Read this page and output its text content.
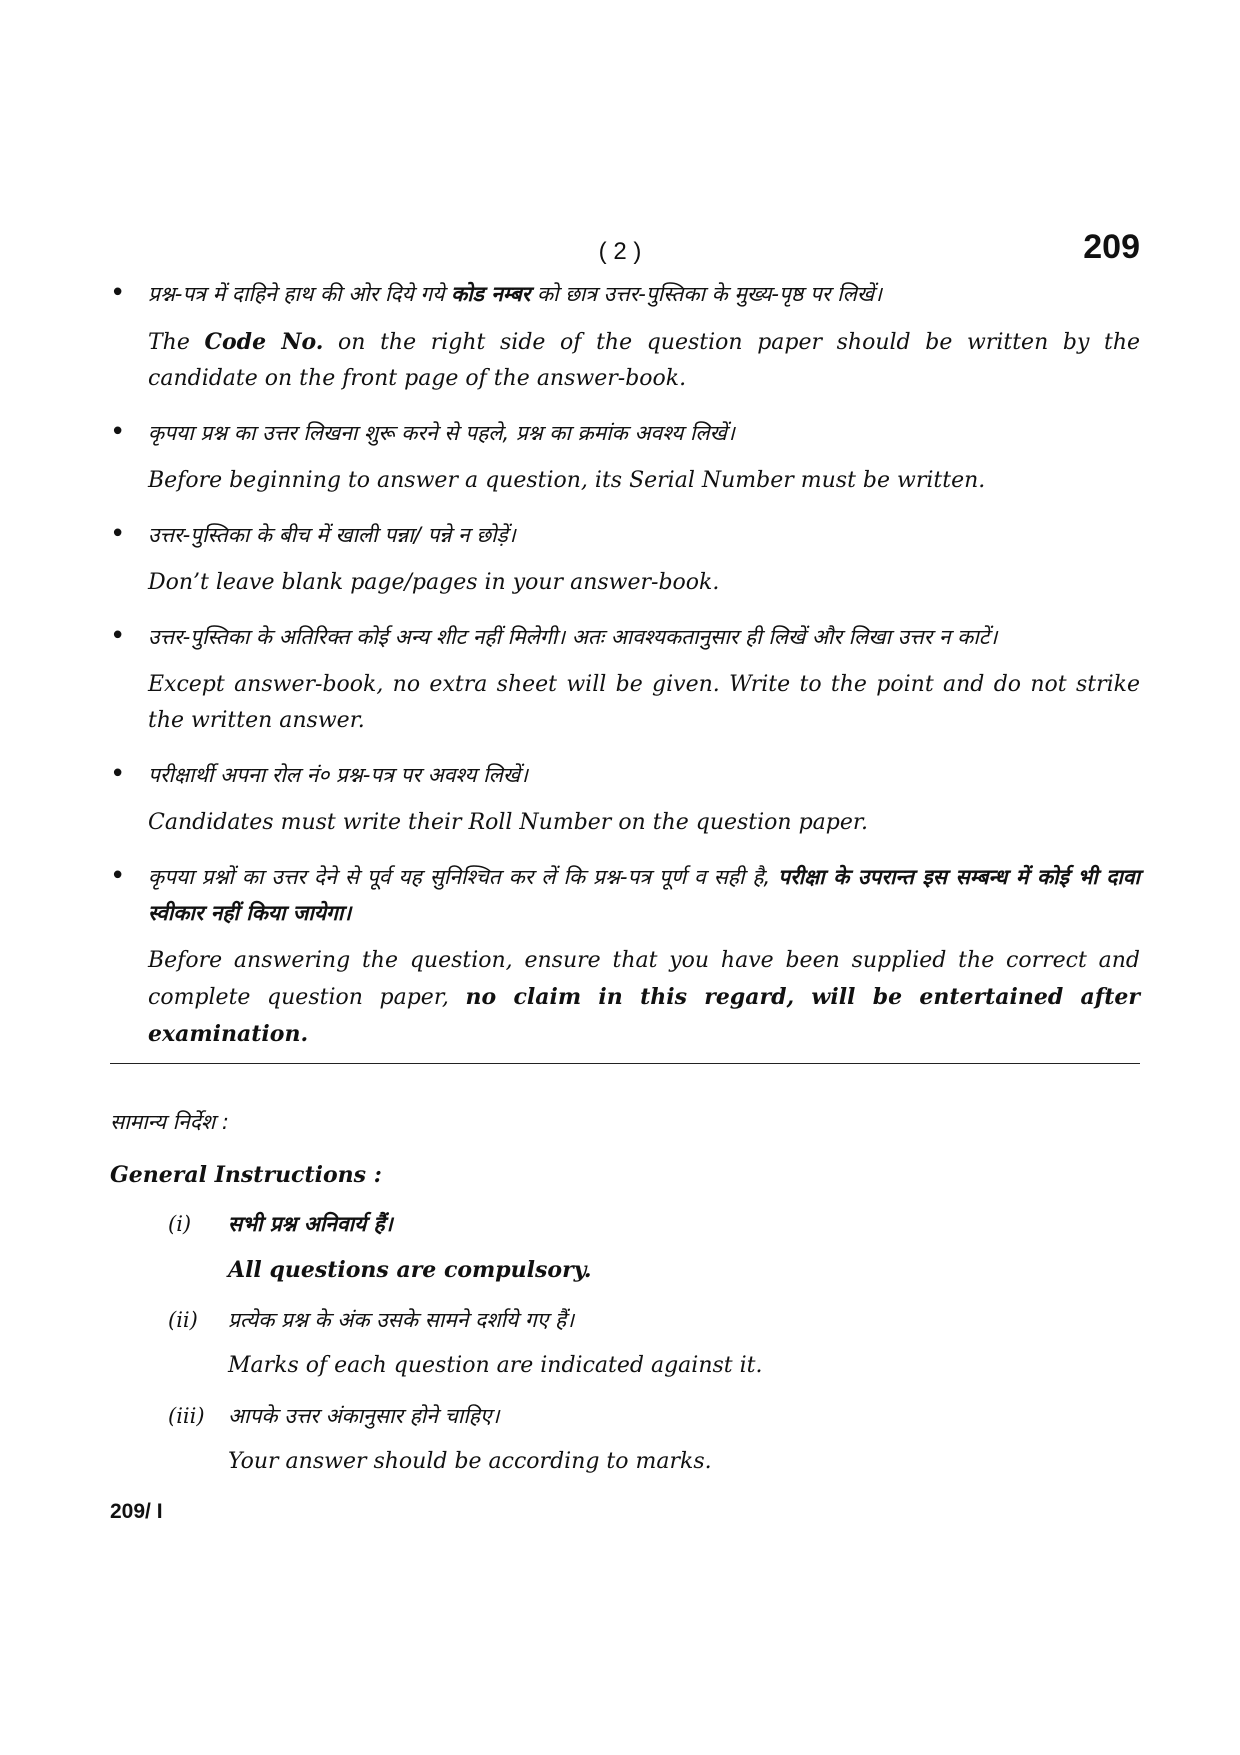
( 2 )	209
• प्रश्न-पत्र में दाहिने हाथ की ओर दिये गये कोड नम्बर को छात्र उत्तर-पुस्तिका के मुख्य-पृष्ठ पर लिखें।
The Code No. on the right side of the question paper should be written by the candidate on the front page of the answer-book.
• कृपया प्रश्न का उत्तर लिखना शुरू करने से पहले, प्रश्न का क्रमांक अवश्य लिखें।
Before beginning to answer a question, its Serial Number must be written.
• उत्तर-पुस्तिका के बीच में खाली पन्ना/ पन्ने न छोड़ें।
Don’t leave blank page/pages in your answer-book.
• उत्तर-पुस्तिका के अतिरिक्त कोई अन्य शीट नहीं मिलेगी। अतः आवश्यकतानुसार ही लिखें और लिखा उत्तर न काटें।
Except answer-book, no extra sheet will be given. Write to the point and do not strike the written answer.
• परीक्षार्थी अपना रोल नं० प्रश्न-पत्र पर अवश्य लिखें।
Candidates must write their Roll Number on the question paper.
• कृपया प्रश्नों का उत्तर देने से पूर्व यह सुनिश्चित कर लें कि प्रश्न-पत्र पूर्ण व सही है, परीक्षा के उपरान्त इस सम्बन्ध में कोई भी दावा स्वीकार नहीं किया जायेगा।
Before answering the question, ensure that you have been supplied the correct and complete question paper, no claim in this regard, will be entertained after examination.
सामान्य निर्देश :
General Instructions :
(i) सभी प्रश्न अनिवार्य हैं।
All questions are compulsory.
(ii) प्रत्येक प्रश्न के अंक उसके सामने दर्शाये गए हैं।
Marks of each question are indicated against it.
(iii) आपके उत्तर अंकानुसार होने चाहिए।
Your answer should be according to marks.
209/ I
